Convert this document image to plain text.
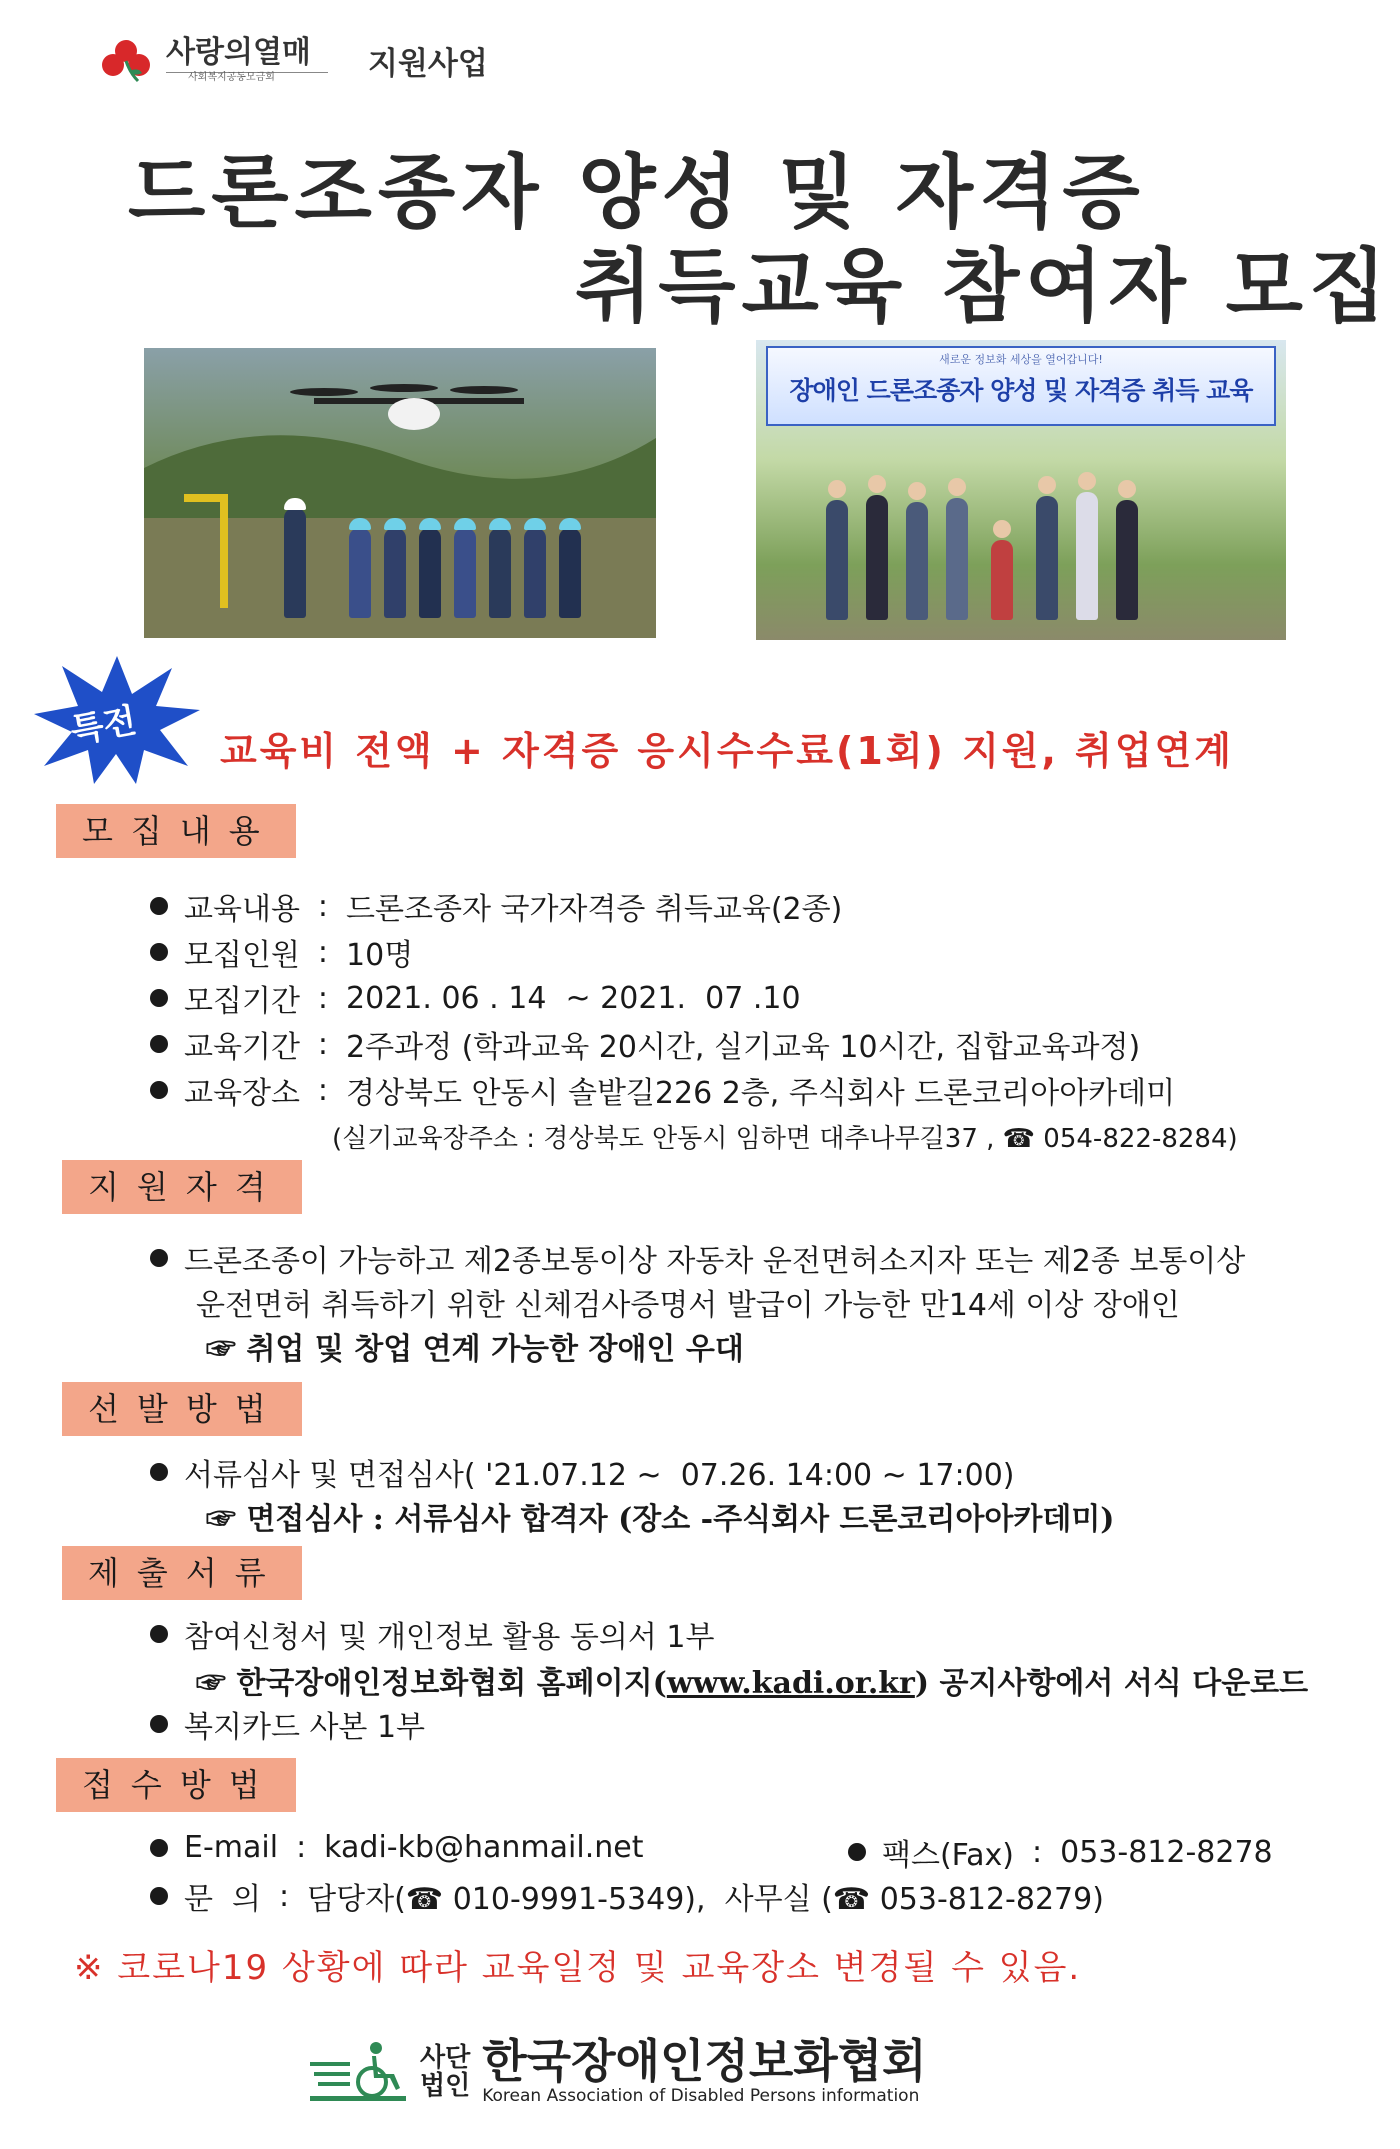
사랑의열매
사회복지공동모금회	지원사업
드론조종자 양성 및 자격증
취득교육 참여자 모집
새로운 정보화 세상을 열어갑니다!
장애인 드론조종자 양성 및 자격증 취득 교육
특전 교육비 전액 + 자격증 응시수수료(1회) 지원, 취업연계
모집내용
교육내용 : 드론조종자 국가자격증 취득교육(2종)
모집인원 : 10명
모집기간 : 2021. 06 . 14  ~ 2021.  07 .10
교육기간 : 2주과정 (학과교육 20시간, 실기교육 10시간, 집합교육과정)
교육장소 : 경상북도 안동시 솔밭길226 2층, 주식회사 드론코리아아카데미
(실기교육장주소 : 경상북도 안동시 임하면 대추나무길37 , ☎ 054-822-8284)
지원자격
드론조종이 가능하고 제2종보통이상 자동차 운전면허소지자 또는 제2종 보통이상
운전면허 취득하기 위한 신체검사증명서 발급이 가능한 만14세 이상 장애인
☞ 취업 및 창업 연계 가능한 장애인 우대
선발방법
서류심사 및 면접심사( '21.07.12 ~  07.26. 14:00 ~ 17:00)
☞ 면접심사 : 서류심사 합격자 (장소 -주식회사 드론코리아아카데미)
제출서류
참여신청서 및 개인정보 활용 동의서 1부
☞ 한국장애인정보화협회 홈페이지(www.kadi.or.kr) 공지사항에서 서식 다운로드
복지카드 사본 1부
접수방법
E-mail : kadi-kb@hanmail.net	팩스(Fax) : 053-812-8278
문  의 : 담당자(☎ 010-9991-5349),  사무실 (☎ 053-812-8279)
※ 코로나19 상황에 따라 교육일정 및 교육장소 변경될 수 있음.
사단
법인 한국장애인정보화협회
Korean Association of Disabled Persons information
